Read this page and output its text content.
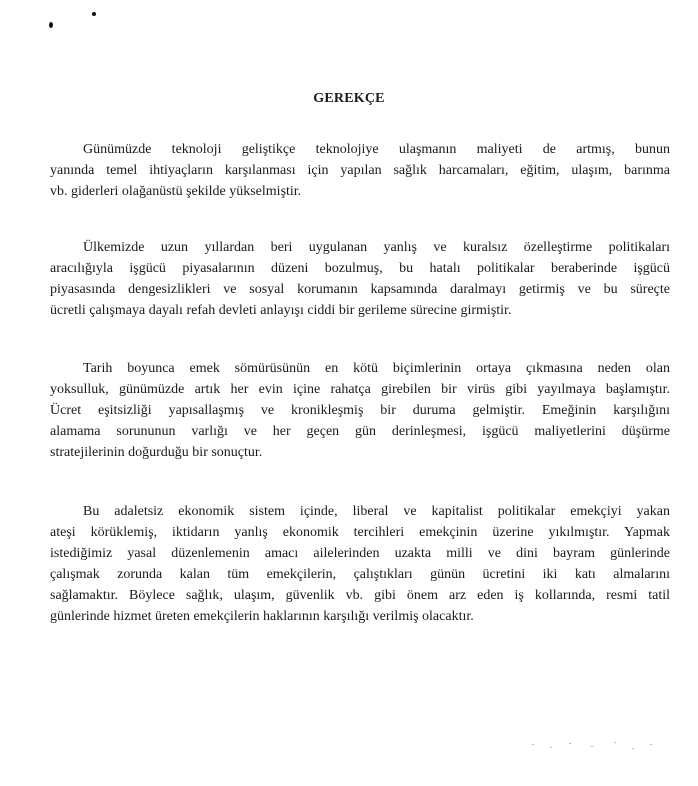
GEREKÇE

Günümüzde teknoloji geliştikçe teknolojiye ulaşmanın maliyeti de artmış, bunun
yanında temel ihtiyaçların karşılanması için yapılan sağlık harcamaları, eğitim, ulaşım, barınma
vb. giderleri olağanüstü şekilde yükselmiştir.

Ülkemizde uzun yıllardan beri uygulanan yanlış ve kuralsız özelleştirme politikaları
aracılığıyla işgücü piyasalarının düzeni bozulmuş, bu hatalı politikalar beraberinde işgücü
piyasasında dengesizlikleri ve sosyal korumanın kapsamında daralmayı getirmiş ve bu süreçte
ücretli çalışmaya dayalı refah devleti anlayışı ciddi bir gerileme sürecine girmiştir.

Tarih boyunca emek sömürüsünün en kötü biçimlerinin ortaya çıkmasına neden olan
yoksulluk, günümüzde artık her evin içine rahatça girebilen bir virüs gibi yayılmaya başlamıştır.
Ücret eşitsizliği yapısallaşmış ve kronikleşmiş bir duruma gelmiştir. Emeğinin karşılığını
alamama sorununun varlığı ve her geçen gün derinleşmesi, işgücü maliyetlerini düşürme
stratejilerinin doğurduğu bir sonuçtur.

Bu adaletsiz ekonomik sistem içinde, liberal ve kapitalist politikalar emekçiyi yakan
ateşi körüklemiş, iktidarın yanlış ekonomik tercihleri emekçinin üzerine yıkılmıştır. Yapmak
istediğimiz yasal düzenlemenin amacı ailelerinden uzakta milli ve dini bayram günlerinde
çalışmak zorunda kalan tüm emekçilerin, çalıştıkları günün ücretini iki katı almalarını
sağlamaktır. Böylece sağlık, ulaşım, güvenlik vb. gibi önem arz eden iş kollarında, resmi tatil
günlerinde hizmet üreten emekçilerin haklarının karşılığı verilmiş olacaktır.
